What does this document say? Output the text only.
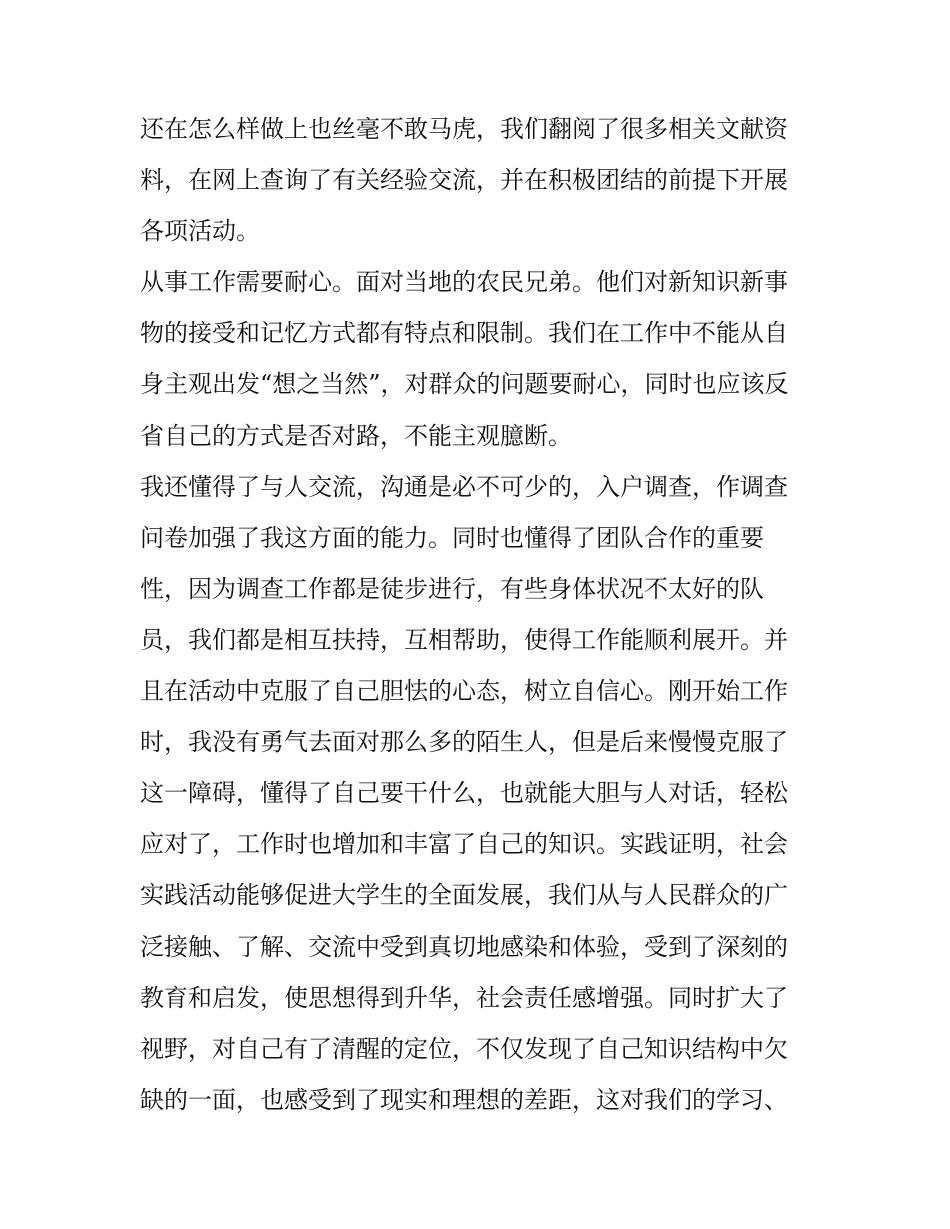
还在怎么样做上也丝毫不敢马虎，我们翻阅了很多相关文献资
料，在网上查询了有关经验交流，并在积极团结的前提下开展
各项活动。
从事工作需要耐心。面对当地的农民兄弟。他们对新知识新事
物的接受和记忆方式都有特点和限制。我们在工作中不能从自
身主观出发“想之当然”，对群众的问题要耐心，同时也应该反
省自己的方式是否对路，不能主观臆断。
我还懂得了与人交流，沟通是必不可少的，入户调查，作调查
问卷加强了我这方面的能力。同时也懂得了团队合作的重要
性，因为调查工作都是徒步进行，有些身体状况不太好的队
员，我们都是相互扶持，互相帮助，使得工作能顺利展开。并
且在活动中克服了自己胆怯的心态，树立自信心。刚开始工作
时，我没有勇气去面对那么多的陌生人，但是后来慢慢克服了
这一障碍，懂得了自己要干什么，也就能大胆与人对话，轻松
应对了，工作时也增加和丰富了自己的知识。实践证明，社会
实践活动能够促进大学生的全面发展，我们从与人民群众的广
泛接触、了解、交流中受到真切地感染和体验，受到了深刻的
教育和启发，使思想得到升华，社会责任感增强。同时扩大了
视野，对自己有了清醒的定位，不仅发现了自己知识结构中欠
缺的一面，也感受到了现实和理想的差距，这对我们的学习、
